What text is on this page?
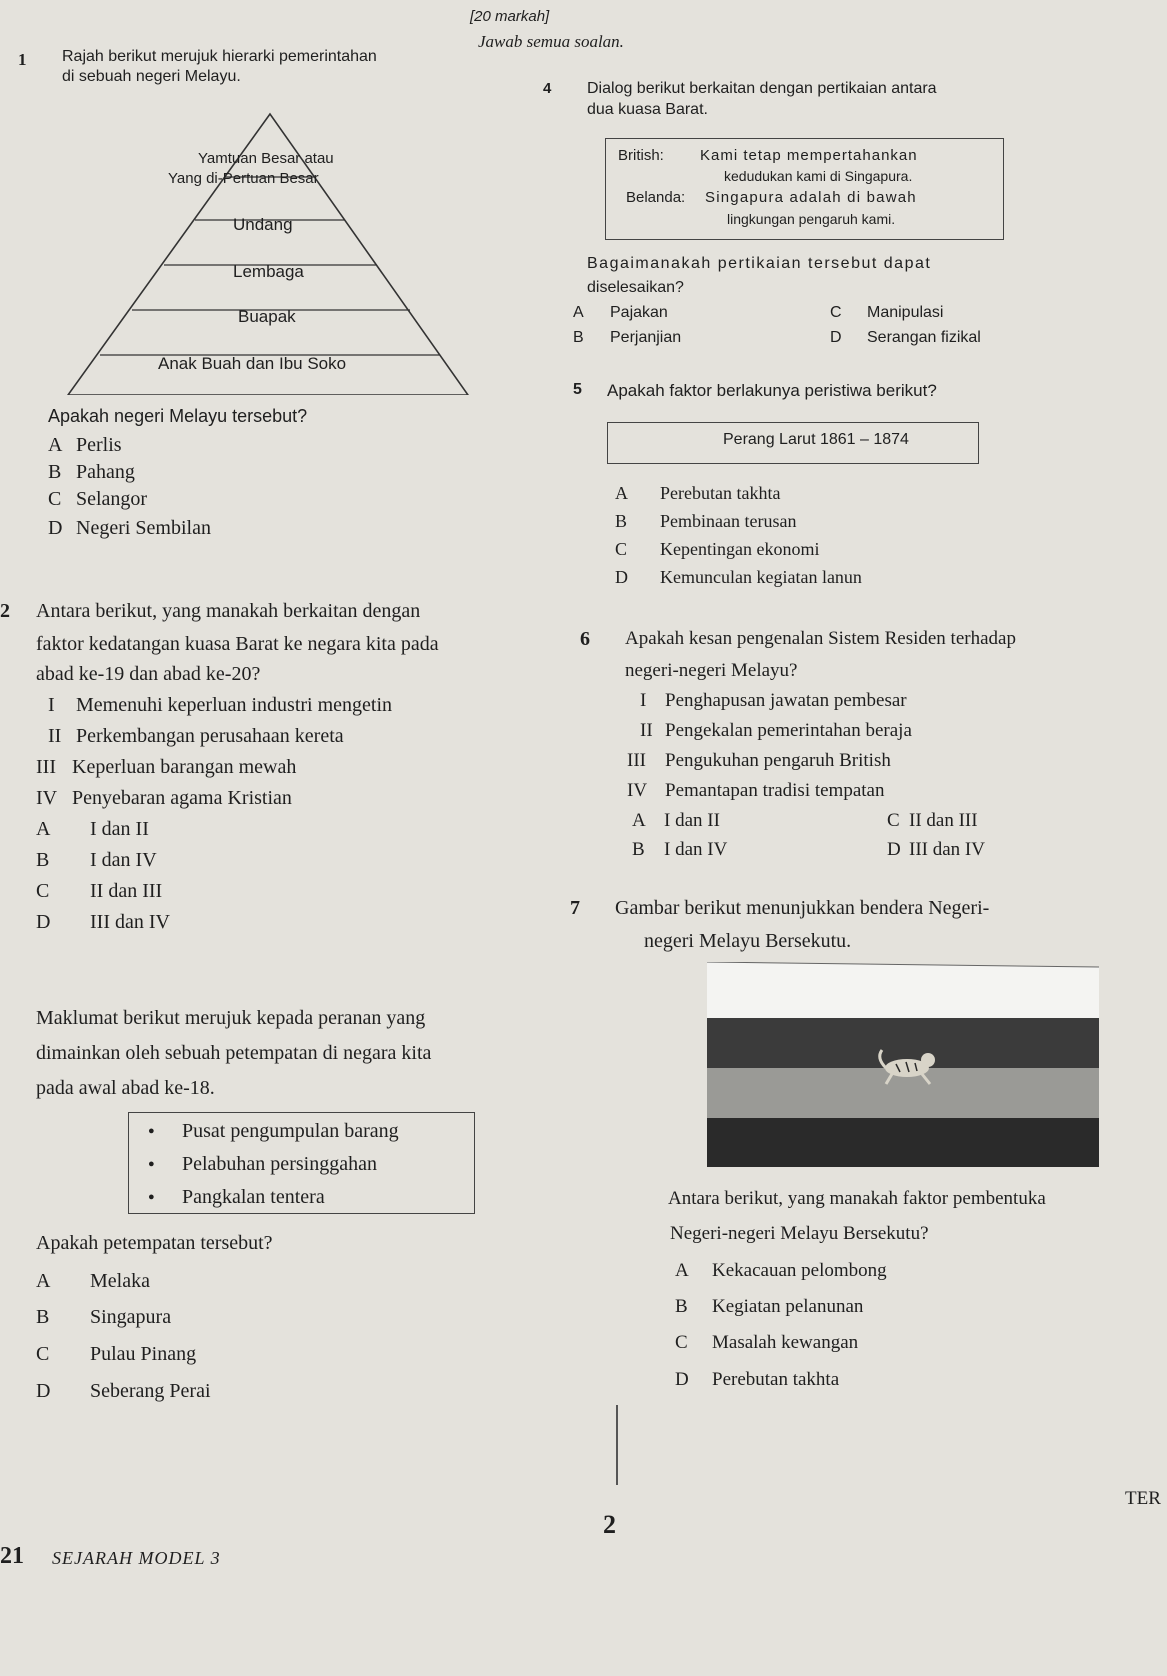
[20 markah]
Jawab semua soalan.
1 Rajah berikut merujuk hierarki pemerintahan
di sebuah negeri Melayu.
Yamtuan Besar atau
Yang di-Pertuan Besar
Undang
Lembaga
Buapak
Anak Buah dan Ibu Soko
Apakah negeri Melayu tersebut?
A Perlis
B Pahang
C Selangor
D Negeri Sembilan
2 Antara berikut, yang manakah berkaitan dengan
faktor kedatangan kuasa Barat ke negara kita pada
abad ke-19 dan abad ke-20?
I Memenuhi keperluan industri mengetin
II Perkembangan perusahaan kereta
III Keperluan barangan mewah
IV Penyebaran agama Kristian
A I dan II
B I dan IV
C II dan III
D III dan IV
Maklumat berikut merujuk kepada peranan yang
dimainkan oleh sebuah petempatan di negara kita
pada awal abad ke-18.
● Pusat pengumpulan barang
● Pelabuhan persinggahan
● Pangkalan tentera
Apakah petempatan tersebut?
A Melaka
B Singapura
C Pulau Pinang
D Seberang Perai
4 Dialog berikut berkaitan dengan pertikaian antara
dua kuasa Barat.
British: Kami tetap mempertahankan
kedudukan kami di Singapura.
Belanda: Singapura adalah di bawah
lingkungan pengaruh kami.
Bagaimanakah pertikaian tersebut dapat
diselesaikan?
A Pajakan
B Perjanjian
C Manipulasi
D Serangan fizikal
5 Apakah faktor berlakunya peristiwa berikut?
Perang Larut 1861 – 1874
A Perebutan takhta
B Pembinaan terusan
C Kepentingan ekonomi
D Kemunculan kegiatan lanun
6 Apakah kesan pengenalan Sistem Residen terhadap
negeri-negeri Melayu?
I Penghapusan jawatan pembesar
II Pengekalan pemerintahan beraja
III Pengukuhan pengaruh British
IV Pemantapan tradisi tempatan
A I dan II
B I dan IV
C II dan III
D III dan IV
7 Gambar berikut menunjukkan bendera Negeri-
negeri Melayu Bersekutu.
Antara berikut, yang manakah faktor pembentuka
Negeri-negeri Melayu Bersekutu?
A Kekacauan pelombong
B Kegiatan pelanunan
C Masalah kewangan
D Perebutan takhta
2
21 SEJARAH MODEL 3
TER
